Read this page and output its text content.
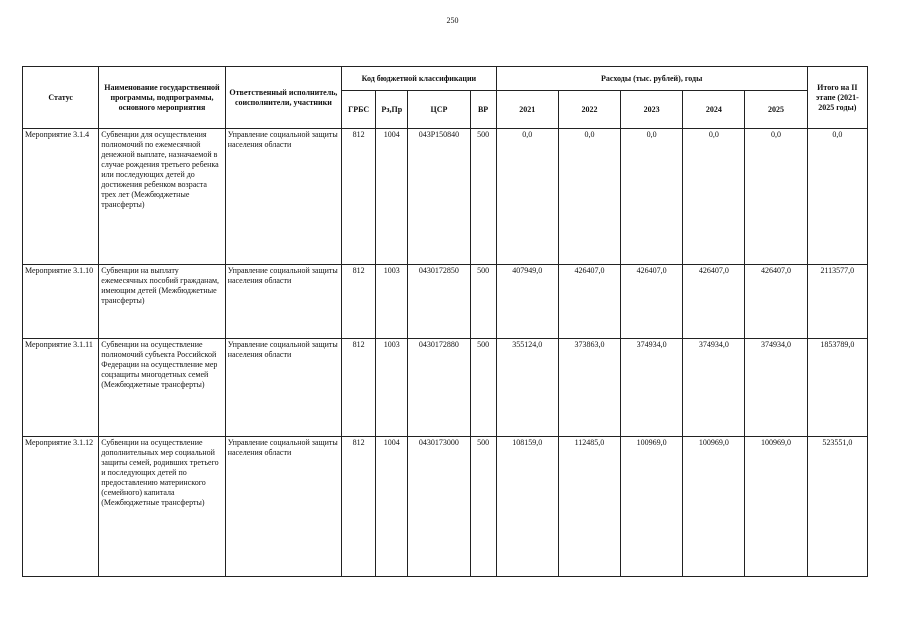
250
Статус	Наименование государственной программы, подпрограммы, основного мероприятия	Ответственный исполнитель, соисполнители, участники	Код бюджетной классификации				Расходы (тыс. рублей), годы					Итого на II этапе (2021-2025 годы)
			ГРБС	Рз,Пр	ЦСР	ВР	2021	2022	2023	2024	2025	
Мероприятие 3.1.4	Субвенции для осуществления полномочий по ежемесячной денежной выплате, назначаемой в случае рождения третьего ребенка или последующих детей до достижения ребенком возраста трех лет (Межбюджетные трансферты)	Управление социальной защиты населения области	812	1004	043P150840	500	0,0	0,0	0,0	0,0	0,0	0,0
Мероприятие 3.1.10	Субвенции на выплату ежемесячных пособий гражданам, имеющим детей (Межбюджетные трансферты)	Управление социальной защиты населения области	812	1003	0430172850	500	407949,0	426407,0	426407,0	426407,0	426407,0	2113577,0
Мероприятие 3.1.11	Субвенции на осуществление полномочий субъекта Российской Федерации на осуществление мер соцзащиты многодетных семей (Межбюджетные трансферты)	Управление социальной защиты населения области	812	1003	0430172880	500	355124,0	373863,0	374934,0	374934,0	374934,0	1853789,0
Мероприятие 3.1.12	Субвенции на осуществление дополнительных мер социальной защиты семей, родивших третьего и последующих детей по предоставлению материнского (семейного) капитала (Межбюджетные трансферты)	Управление социальной защиты населения области	812	1004	0430173000	500	108159,0	112485,0	100969,0	100969,0	100969,0	523551,0
